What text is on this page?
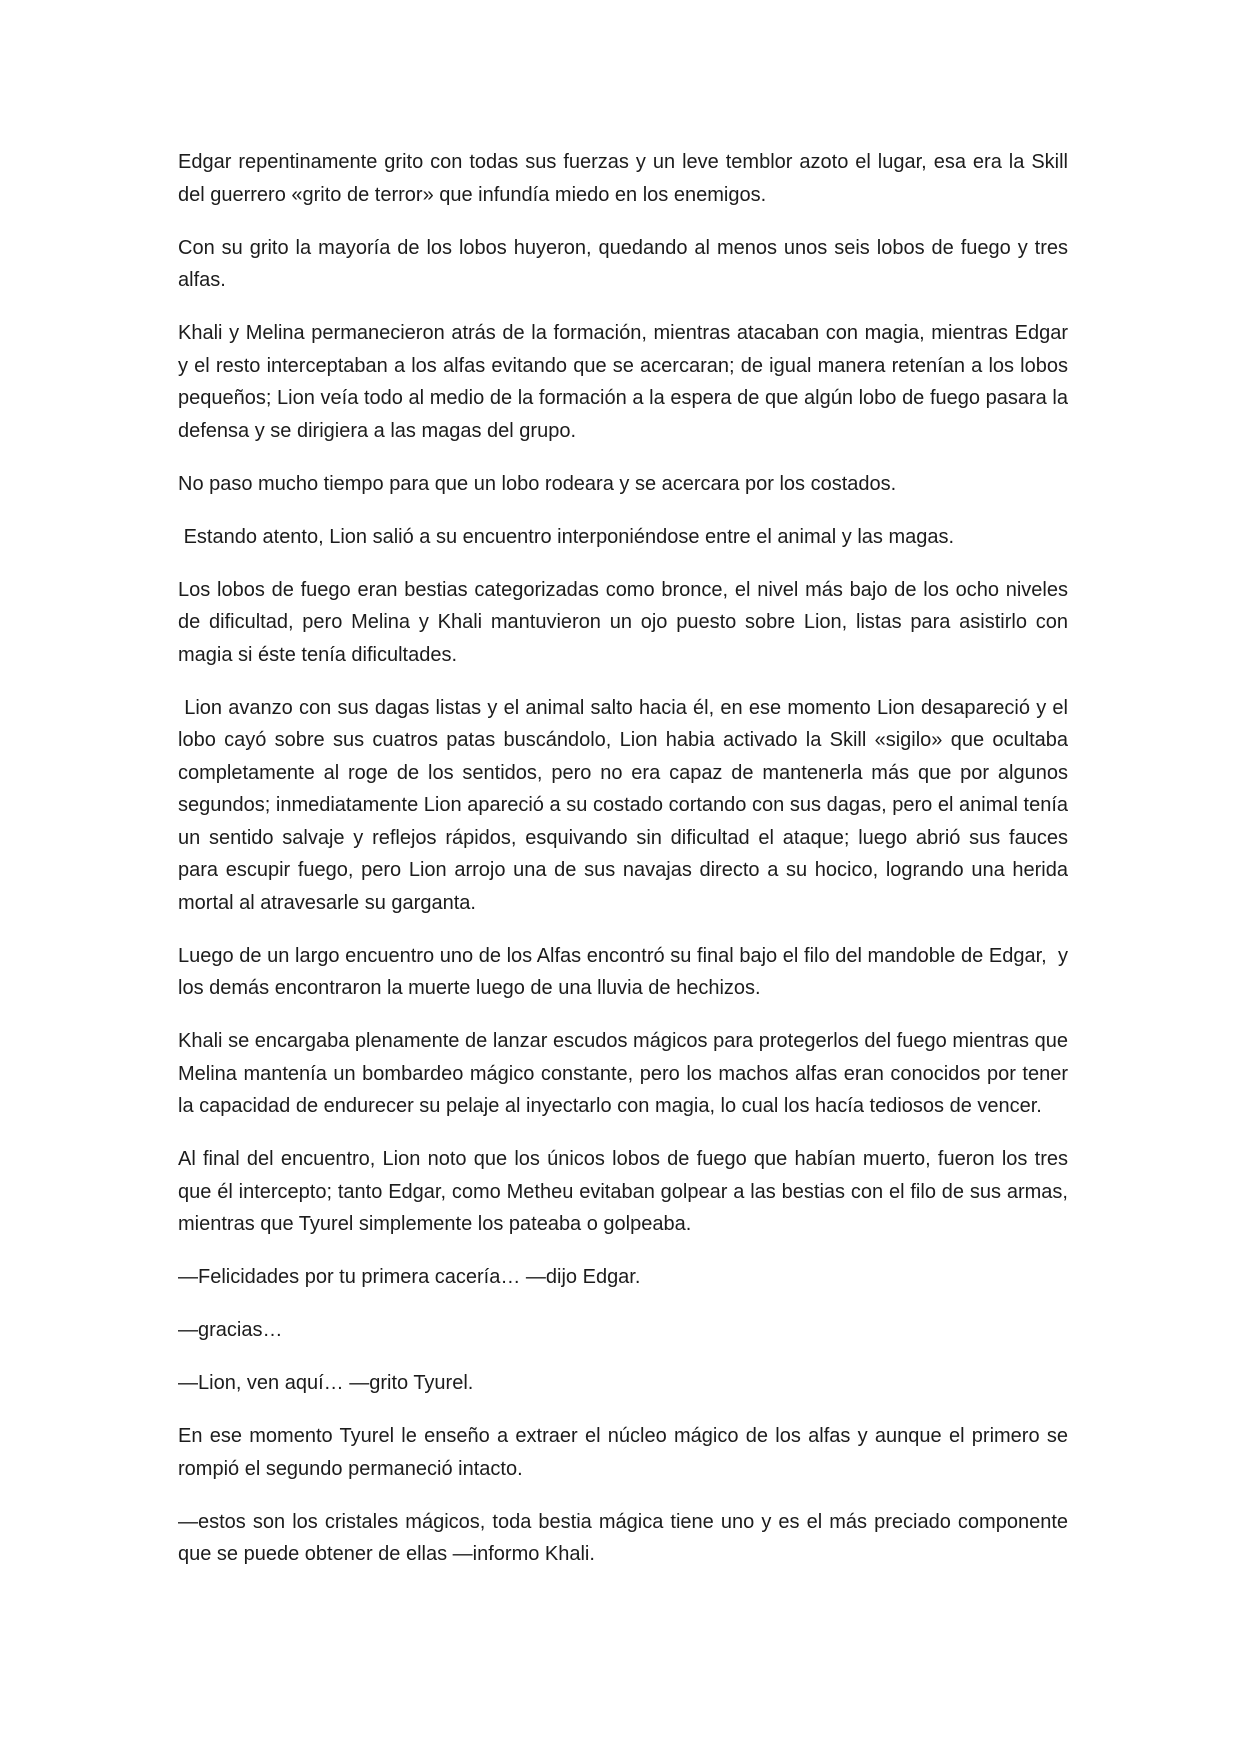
Edgar repentinamente grito con todas sus fuerzas y un leve temblor azoto el lugar, esa era la Skill del guerrero «grito de terror» que infundía miedo en los enemigos.

Con su grito la mayoría de los lobos huyeron, quedando al menos unos seis lobos de fuego y tres alfas.

Khali y Melina permanecieron atrás de la formación, mientras atacaban con magia, mientras Edgar y el resto interceptaban a los alfas evitando que se acercaran; de igual manera retenían a los lobos pequeños; Lion veía todo al medio de la formación a la espera de que algún lobo de fuego pasara la defensa y se dirigiera a las magas del grupo.

No paso mucho tiempo para que un lobo rodeara y se acercara por los costados.

Estando atento, Lion salió a su encuentro interponiéndose entre el animal y las magas.

Los lobos de fuego eran bestias categorizadas como bronce, el nivel más bajo de los ocho niveles de dificultad, pero Melina y Khali mantuvieron un ojo puesto sobre Lion, listas para asistirlo con magia si éste tenía dificultades.

Lion avanzo con sus dagas listas y el animal salto hacia él, en ese momento Lion desapareció y el lobo cayó sobre sus cuatros patas buscándolo, Lion habia activado la Skill «sigilo» que ocultaba completamente al roge de los sentidos, pero no era capaz de mantenerla más que por algunos segundos; inmediatamente Lion apareció a su costado cortando con sus dagas, pero el animal tenía un sentido salvaje y reflejos rápidos, esquivando sin dificultad el ataque; luego abrió sus fauces para escupir fuego, pero Lion arrojo una de sus navajas directo a su hocico, logrando una herida mortal al atravesarle su garganta.

Luego de un largo encuentro uno de los Alfas encontró su final bajo el filo del mandoble de Edgar,  y los demás encontraron la muerte luego de una lluvia de hechizos.

Khali se encargaba plenamente de lanzar escudos mágicos para protegerlos del fuego mientras que Melina mantenía un bombardeo mágico constante, pero los machos alfas eran conocidos por tener la capacidad de endurecer su pelaje al inyectarlo con magia, lo cual los hacía tediosos de vencer.

Al final del encuentro, Lion noto que los únicos lobos de fuego que habían muerto, fueron los tres que él intercepto; tanto Edgar, como Metheu evitaban golpear a las bestias con el filo de sus armas, mientras que Tyurel simplemente los pateaba o golpeaba.

—Felicidades por tu primera cacería… —dijo Edgar.

—gracias…

—Lion, ven aquí… —grito Tyurel.

En ese momento Tyurel le enseño a extraer el núcleo mágico de los alfas y aunque el primero se rompió el segundo permaneció intacto.

—estos son los cristales mágicos, toda bestia mágica tiene uno y es el más preciado componente que se puede obtener de ellas —informo Khali.
